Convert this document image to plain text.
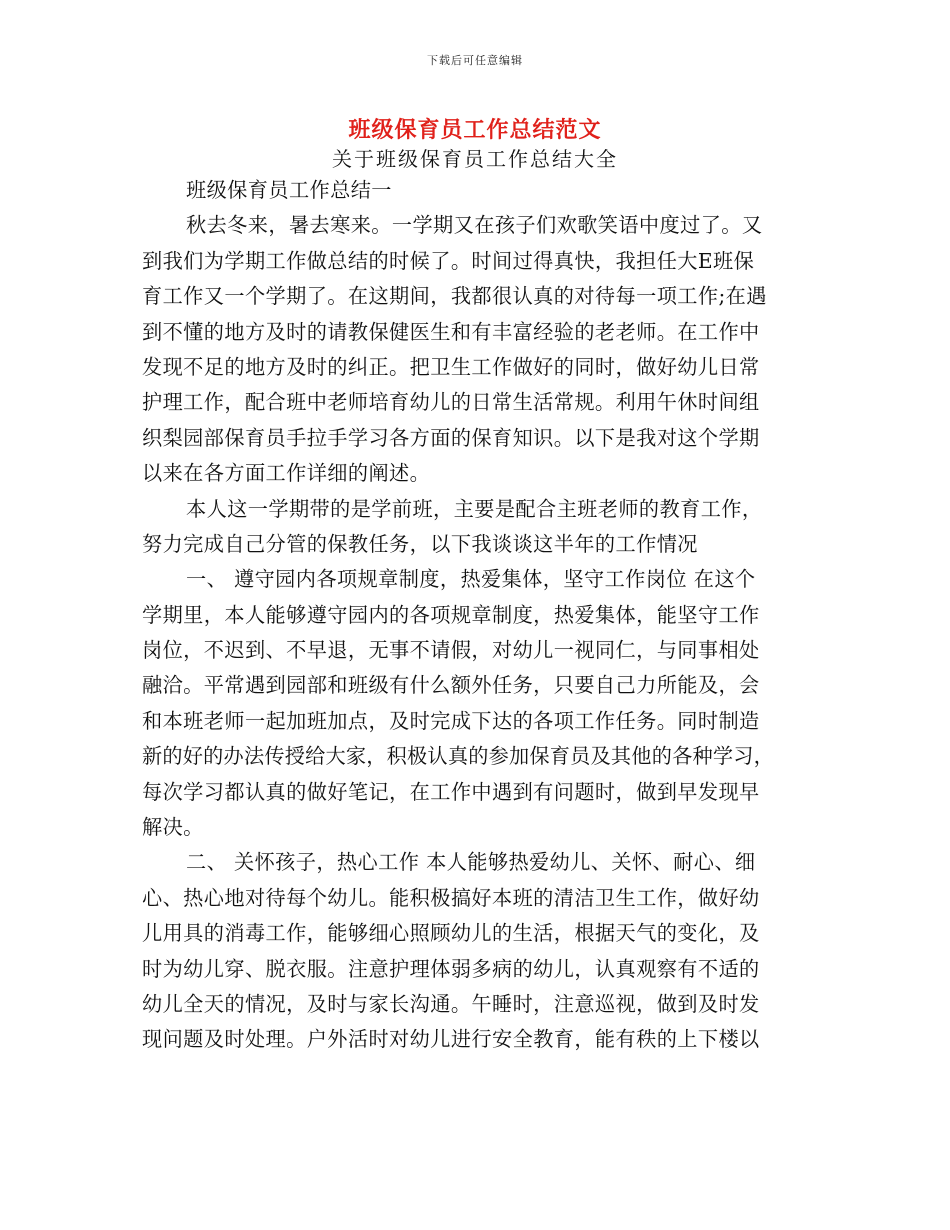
下载后可任意编辑
班级保育员工作总结范文
关于班级保育员工作总结大全
班级保育员工作总结一
秋去冬来，暑去寒来。一学期又在孩子们欢歌笑语中度过了。又
到我们为学期工作做总结的时候了。时间过得真快，我担任大E班保
育工作又一个学期了。在这期间，我都很认真的对待每一项工作;在遇
到不懂的地方及时的请教保健医生和有丰富经验的老老师。在工作中
发现不足的地方及时的纠正。把卫生工作做好的同时，做好幼儿日常
护理工作，配合班中老师培育幼儿的日常生活常规。利用午休时间组
织梨园部保育员手拉手学习各方面的保育知识。以下是我对这个学期
以来在各方面工作详细的阐述。
本人这一学期带的是学前班，主要是配合主班老师的教育工作，
努力完成自己分管的保教任务，以下我谈谈这半年的工作情况
一、 遵守园内各项规章制度，热爱集体，坚守工作岗位 在这个
学期里，本人能够遵守园内的各项规章制度，热爱集体，能坚守工作
岗位，不迟到、不早退，无事不请假，对幼儿一视同仁，与同事相处
融洽。平常遇到园部和班级有什么额外任务，只要自己力所能及，会
和本班老师一起加班加点，及时完成下达的各项工作任务。同时制造
新的好的办法传授给大家，积极认真的参加保育员及其他的各种学习，
每次学习都认真的做好笔记，在工作中遇到有问题时，做到早发现早
解决。
二、 关怀孩子，热心工作 本人能够热爱幼儿、关怀、耐心、细
心、热心地对待每个幼儿。能积极搞好本班的清洁卫生工作，做好幼
儿用具的消毒工作，能够细心照顾幼儿的生活，根据天气的变化，及
时为幼儿穿、脱衣服。注意护理体弱多病的幼儿，认真观察有不适的
幼儿全天的情况，及时与家长沟通。午睡时，注意巡视，做到及时发
现问题及时处理。户外活时对幼儿进行安全教育，能有秩的上下楼以
